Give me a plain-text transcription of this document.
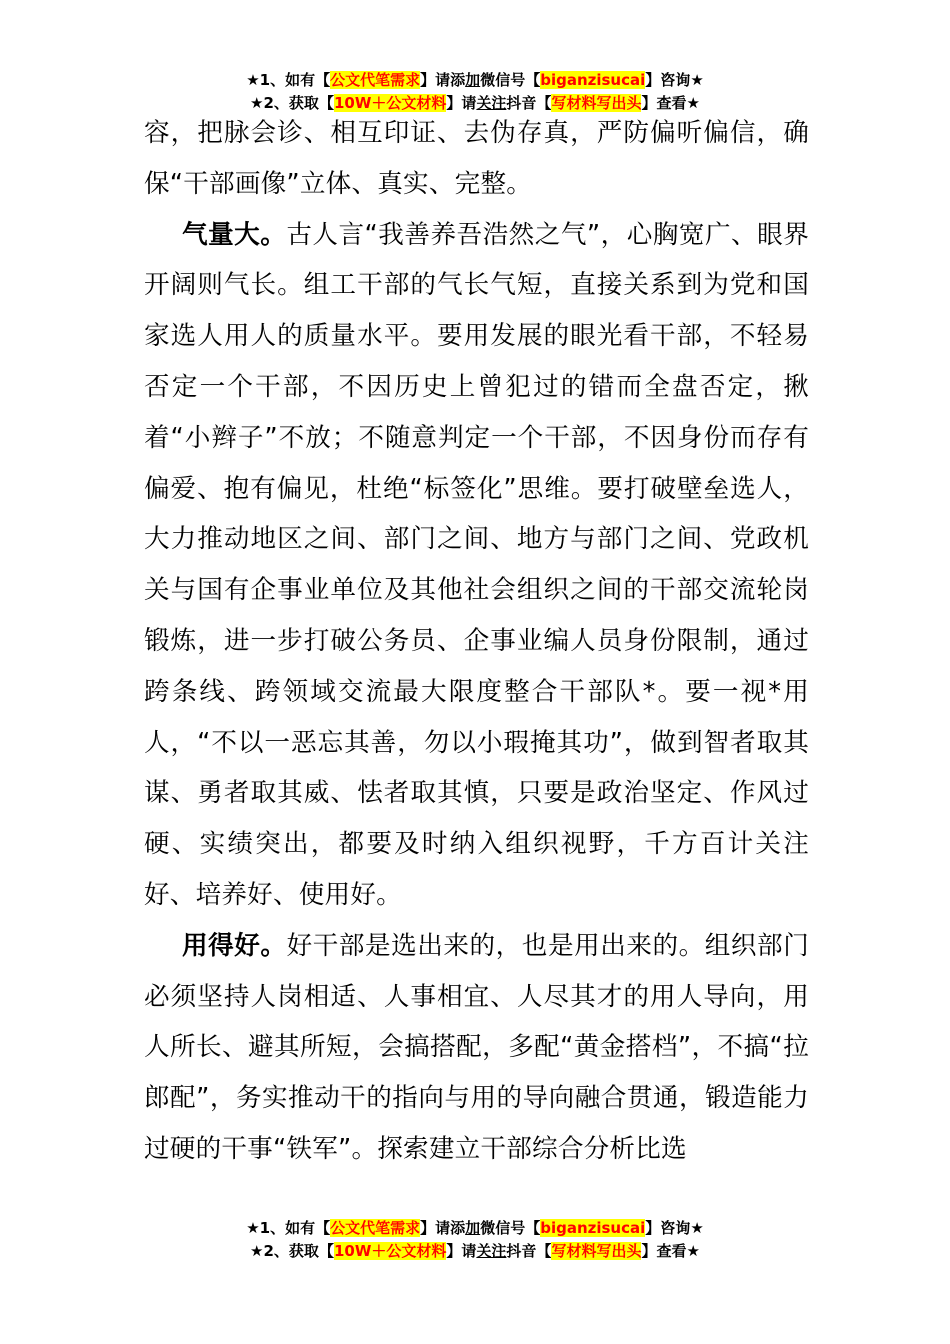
★1、如有【公文代笔需求】请添加微信号【biganzisucai】咨询★
★2、获取【10W＋公文材料】请关注抖音【写材料写出头】查看★

容，把脉会诊、相互印证、去伪存真，严防偏听偏信，确保“干部画像”立体、真实、完整。

气量大。古人言“我善养吾浩然之气”，心胸宽广、眼界开阔则气长。组工干部的气长气短，直接关系到为党和国家选人用人的质量水平。要用发展的眼光看干部，不轻易否定一个干部，不因历史上曾犯过的错而全盘否定，揪着“小辫子”不放；不随意判定一个干部，不因身份而存有偏爱、抱有偏见，杜绝“标签化”思维。要打破壁垒选人，大力推动地区之间、部门之间、地方与部门之间、党政机关与国有企事业单位及其他社会组织之间的干部交流轮岗锻炼，进一步打破公务员、企事业编人员身份限制，通过跨条线、跨领域交流最大限度整合干部队*。要一视*用人，“不以一恶忘其善，勿以小瑕掩其功”，做到智者取其谋、勇者取其威、怯者取其慎，只要是政治坚定、作风过硬、实绩突出，都要及时纳入组织视野，千方百计关注好、培养好、使用好。

用得好。好干部是选出来的，也是用出来的。组织部门必须坚持人岗相适、人事相宜、人尽其才的用人导向，用人所长、避其所短，会搞搭配，多配“黄金搭档”，不搞“拉郎配”，务实推动干的指向与用的导向融合贯通，锻造能力过硬的干事“铁军”。探索建立干部综合分析比选

★1、如有【公文代笔需求】请添加微信号【biganzisucai】咨询★
★2、获取【10W＋公文材料】请关注抖音【写材料写出头】查看★
